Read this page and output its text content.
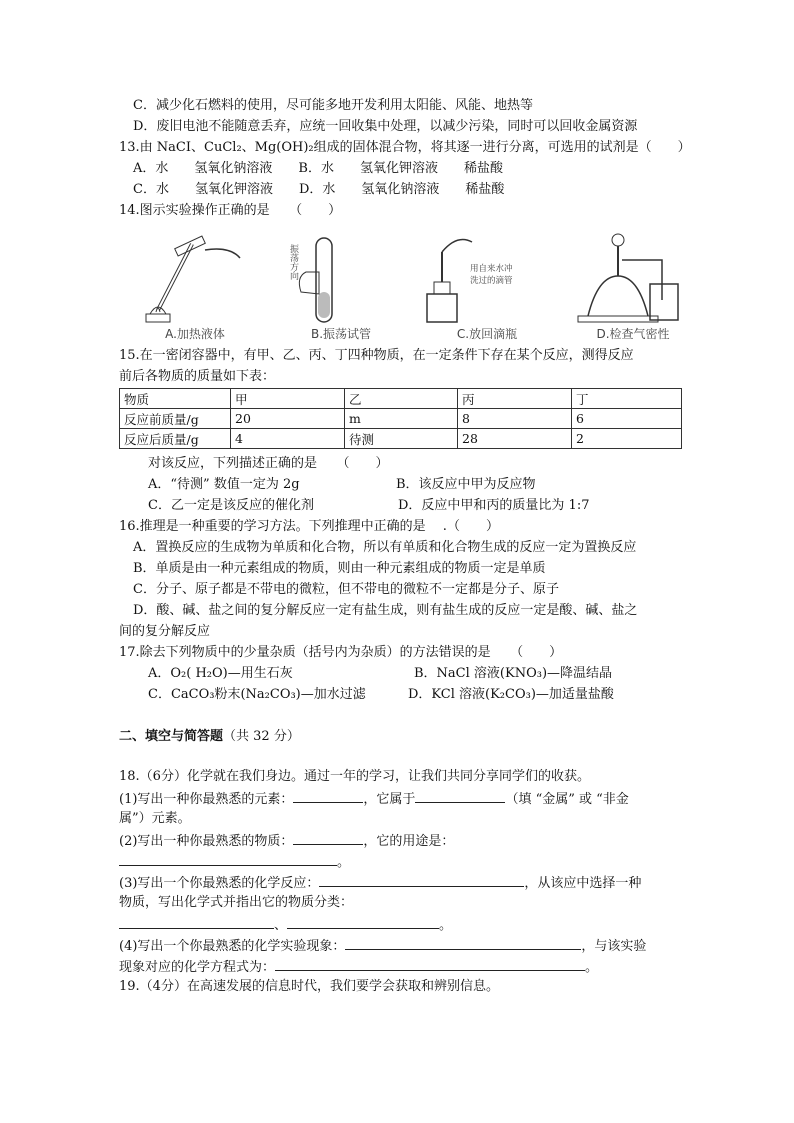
C．减少化石燃料的使用，尽可能多地开发利用太阳能、风能、地热等
D．废旧电池不能随意丢弃，应统一回收集中处理，以减少污染，同时可以回收金属资源
13.由 NaCI、CuCl₂、Mg(OH)₂组成的固体混合物，将其逐一进行分离，可选用的试剂是（　　）
A．水　　氢氧化钠溶液　　B．水　　氢氧化钾溶液　　稀盐酸
C．水　　氢氧化钾溶液　　D．水　　氢氧化钠溶液　　稀盐酸
14.图示实验操作正确的是　　（　　）
A.加热液体
振荡方向
B.振荡试管
用自来水冲
洗过的滴管
C.放回滴瓶	D.检查气密性
15.在一密闭容器中，有甲、乙、丙、丁四种物质，在一定条件下存在某个反应，测得反应
前后各物质的质量如下表：
物质	甲	乙	丙	丁
反应前质量/g	20	m	8	6
反应后质量/g	4	待测	28	2
对该反应，下列描述正确的是　　（　　）
A．“待测” 数值一定为 2g	B．该反应中甲为反应物
C．乙一定是该反应的催化剂	D．反应中甲和丙的质量比为 1:7
16.推理是一种重要的学习方法。下列推理中正确的是　 .（　　）
A．置换反应的生成物为单质和化合物，所以有单质和化合物生成的反应一定为置换反应
B．单质是由一种元素组成的物质，则由一种元素组成的物质一定是单质
C．分子、原子都是不带电的微粒，但不带电的微粒不一定都是分子、原子
D．酸、碱、盐之间的复分解反应一定有盐生成，则有盐生成的反应一定是酸、碱、盐之
间的复分解反应
17.除去下列物质中的少量杂质（括号内为杂质）的方法错误的是　　（　　）
A．O₂( H₂O)—用生石灰	B．NaCl 溶液(KNO₃)—降温结晶
C．CaCO₃粉末(Na₂CO₃)—加水过滤	D．KCl 溶液(K₂CO₃)—加适量盐酸
二、填空与简答题（共 32 分）
18.（6分）化学就在我们身边。通过一年的学习，让我们共同分享同学们的收获。
(1)写出一种你最熟悉的元素：	，它属于	（填 “金属” 或 “非金
属”）元素。
(2)写出一种你最熟悉的物质：	，它的用途是：
。
(3)写出一个你最熟悉的化学反应：	，从该应中选择一种
物质，写出化学式并指出它的物质分类：
、	。
(4)写出一个你最熟悉的化学实验现象：	，与该实验
现象对应的化学方程式为：	。
19.（4分）在高速发展的信息时代，我们要学会获取和辨别信息。
